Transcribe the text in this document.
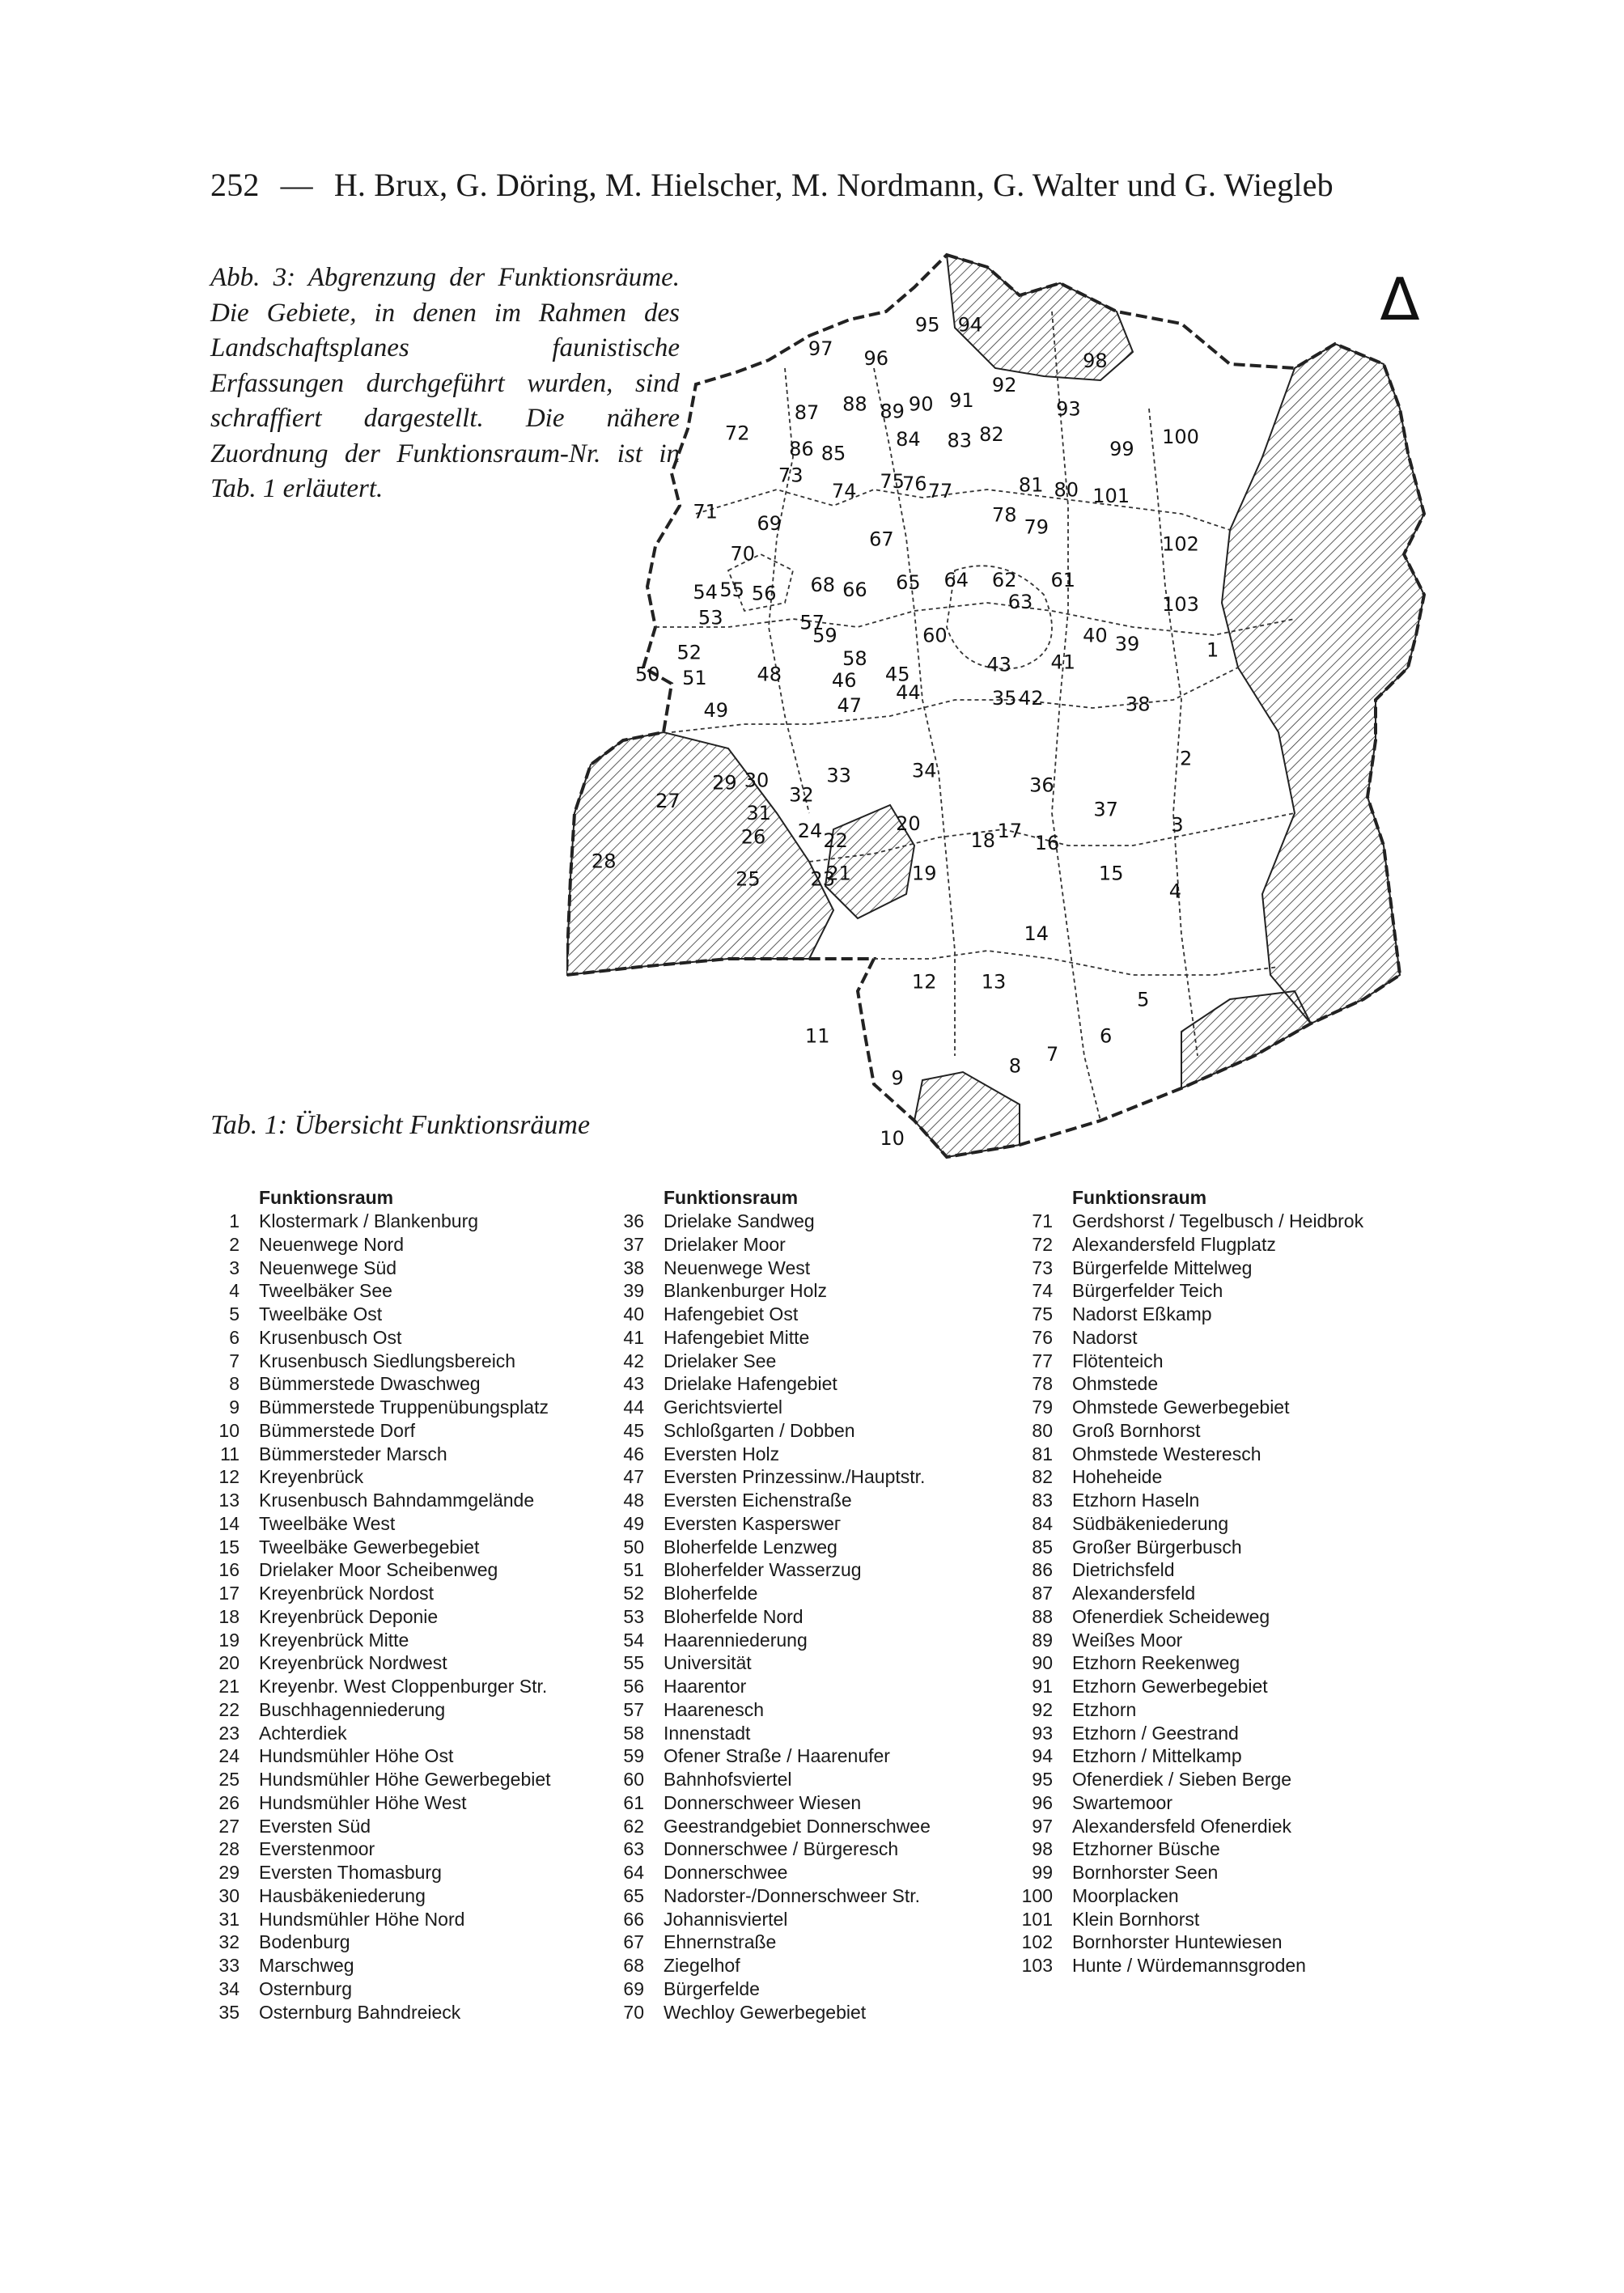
252 — H. Brux, G. Döring, M. Hielscher, M. Nordmann, G. Walter und G. Wiegleb
Abb. 3: Abgrenzung der Funktionsräume. Die Gebiete, in denen im Rahmen des Landschaftsplanes faunistische Erfassungen durchgeführt wurden, sind schraffiert dargestellt. Die nähere Zuordnung der Funktionsraum-Nr. ist in Tab. 1 erläutert.
Δ
1
2
3
4
5
6
7
8
9
10
11
12 13
14
15
16
17
18
19
20
21
22
23
24
25
26
27
28
29 30
31
32
33	34
35
36
37
38
39
40
41
42
43
44
45
46
47
48
49
50 51
52
53
54 55 56
57
58
59	60
61
62
63
64
65
66
67
68
69
70
71
72
73
74 75
76 77
78
79
80
81
82
83
84
85
86
87 88 89 90 91
92
93
94
95
96
97
98
99
100
101
102
103
Tab. 1: Übersicht Funktionsräume
Funktionsraum
1	Klostermark / Blankenburg
2	Neuenwege Nord
3	Neuenwege Süd
4	Tweelbäker See
5	Tweelbäke Ost
6	Krusenbusch Ost
7	Krusenbusch Siedlungsbereich
8	Bümmerstede Dwaschweg
9	Bümmerstede Truppenübungsplatz
10	Bümmerstede Dorf
11	Bümmersteder Marsch
12	Kreyenbrück
13	Krusenbusch Bahndammgelände
14	Tweelbäke West
15	Tweelbäke Gewerbegebiet
16	Drielaker Moor Scheibenweg
17	Kreyenbrück Nordost
18	Kreyenbrück Deponie
19	Kreyenbrück Mitte
20	Kreyenbrück Nordwest
21	Kreyenbr. West Cloppenburger Str.
22	Buschhagenniederung
23	Achterdiek
24	Hundsmühler Höhe Ost
25	Hundsmühler Höhe Gewerbegebiet
26	Hundsmühler Höhe West
27	Eversten Süd
28	Everstenmoor
29	Eversten Thomasburg
30	Hausbäkeniederung
31	Hundsmühler Höhe Nord
32	Bodenburg
33	Marschweg
34	Osternburg
35	Osternburg Bahndreieck
Funktionsraum
36	Drielake Sandweg
37	Drielaker Moor
38	Neuenwege West
39	Blankenburger Holz
40	Hafengebiet Ost
41	Hafengebiet Mitte
42	Drielaker See
43	Drielake Hafengebiet
44	Gerichtsviertel
45	Schloßgarten / Dobben
46	Eversten Holz
47	Eversten Prinzessinw./Hauptstr.
48	Eversten Eichenstraße
49	Eversten Kasperswег
50	Bloherfelde Lenzweg
51	Bloherfelder Wasserzug
52	Bloherfelde
53	Bloherfelde Nord
54	Haarenniederung
55	Universität
56	Haarentor
57	Haarenesch
58	Innenstadt
59	Ofener Straße / Haarenufer
60	Bahnhofsviertel
61	Donnerschweer Wiesen
62	Geestrandgebiet Donnerschwee
63	Donnerschwee / Bürgeresch
64	Donnerschwee
65	Nadorster-/Donnerschweer Str.
66	Johannisviertel
67	Ehnernstraße
68	Ziegelhof
69	Bürgerfelde
70	Wechloy Gewerbegebiet
Funktionsraum
71	Gerdshorst / Tegelbusch / Heidbrok
72	Alexandersfeld Flugplatz
73	Bürgerfelde Mittelweg
74	Bürgerfelder Teich
75	Nadorst Eßkamp
76	Nadorst
77	Flötenteich
78	Ohmstede
79	Ohmstede Gewerbegebiet
80	Groß Bornhorst
81	Ohmstede Westeresch
82	Hoheheide
83	Etzhorn Haseln
84	Südbäkeniederung
85	Großer Bürgerbusch
86	Dietrichsfeld
87	Alexandersfeld
88	Ofenerdiek Scheideweg
89	Weißes Moor
90	Etzhorn Reekenweg
91	Etzhorn Gewerbegebiet
92	Etzhorn
93	Etzhorn / Geestrand
94	Etzhorn / Mittelkamp
95	Ofenerdiek / Sieben Berge
96	Swartemoor
97	Alexandersfeld Ofenerdiek
98	Etzhorner Büsche
99	Bornhorster Seen
100	Moorplacken
101	Klein Bornhorst
102	Bornhorster Huntewiesen
103	Hunte / Würdemannsgroden
